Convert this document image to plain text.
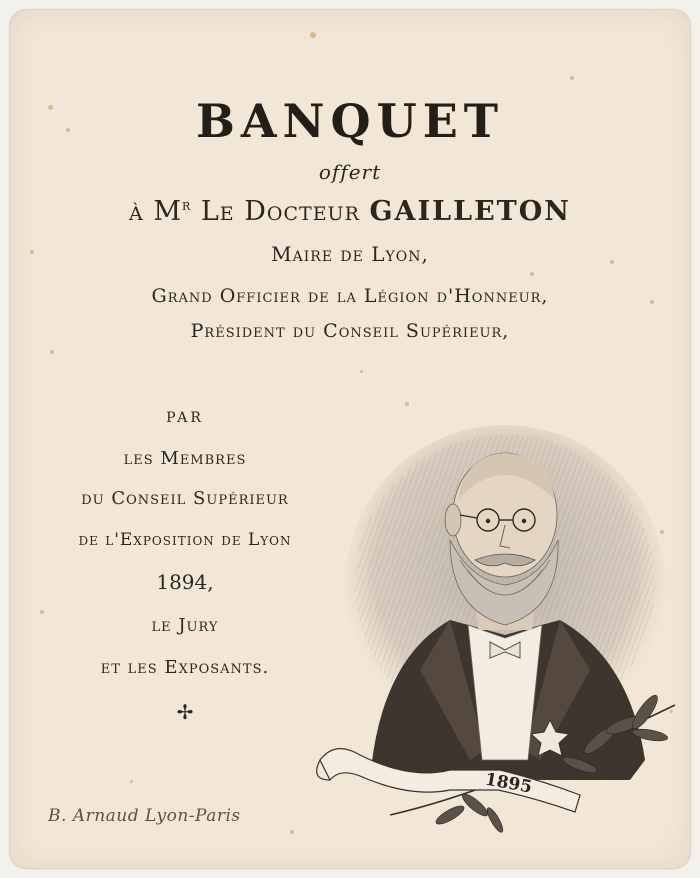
BANQUET
offert
à $M^r$ Le Docteur GAILLETON
Maire de Lyon,
Grand Officier de la Légion d'Honneur,
Président du Conseil Supérieur,
PAR
les Membres
du Conseil Supérieur
de l'Exposition de Lyon
1894,
le Jury
et les Exposants.
✢
1895
B. Arnaud Lyon-Paris
